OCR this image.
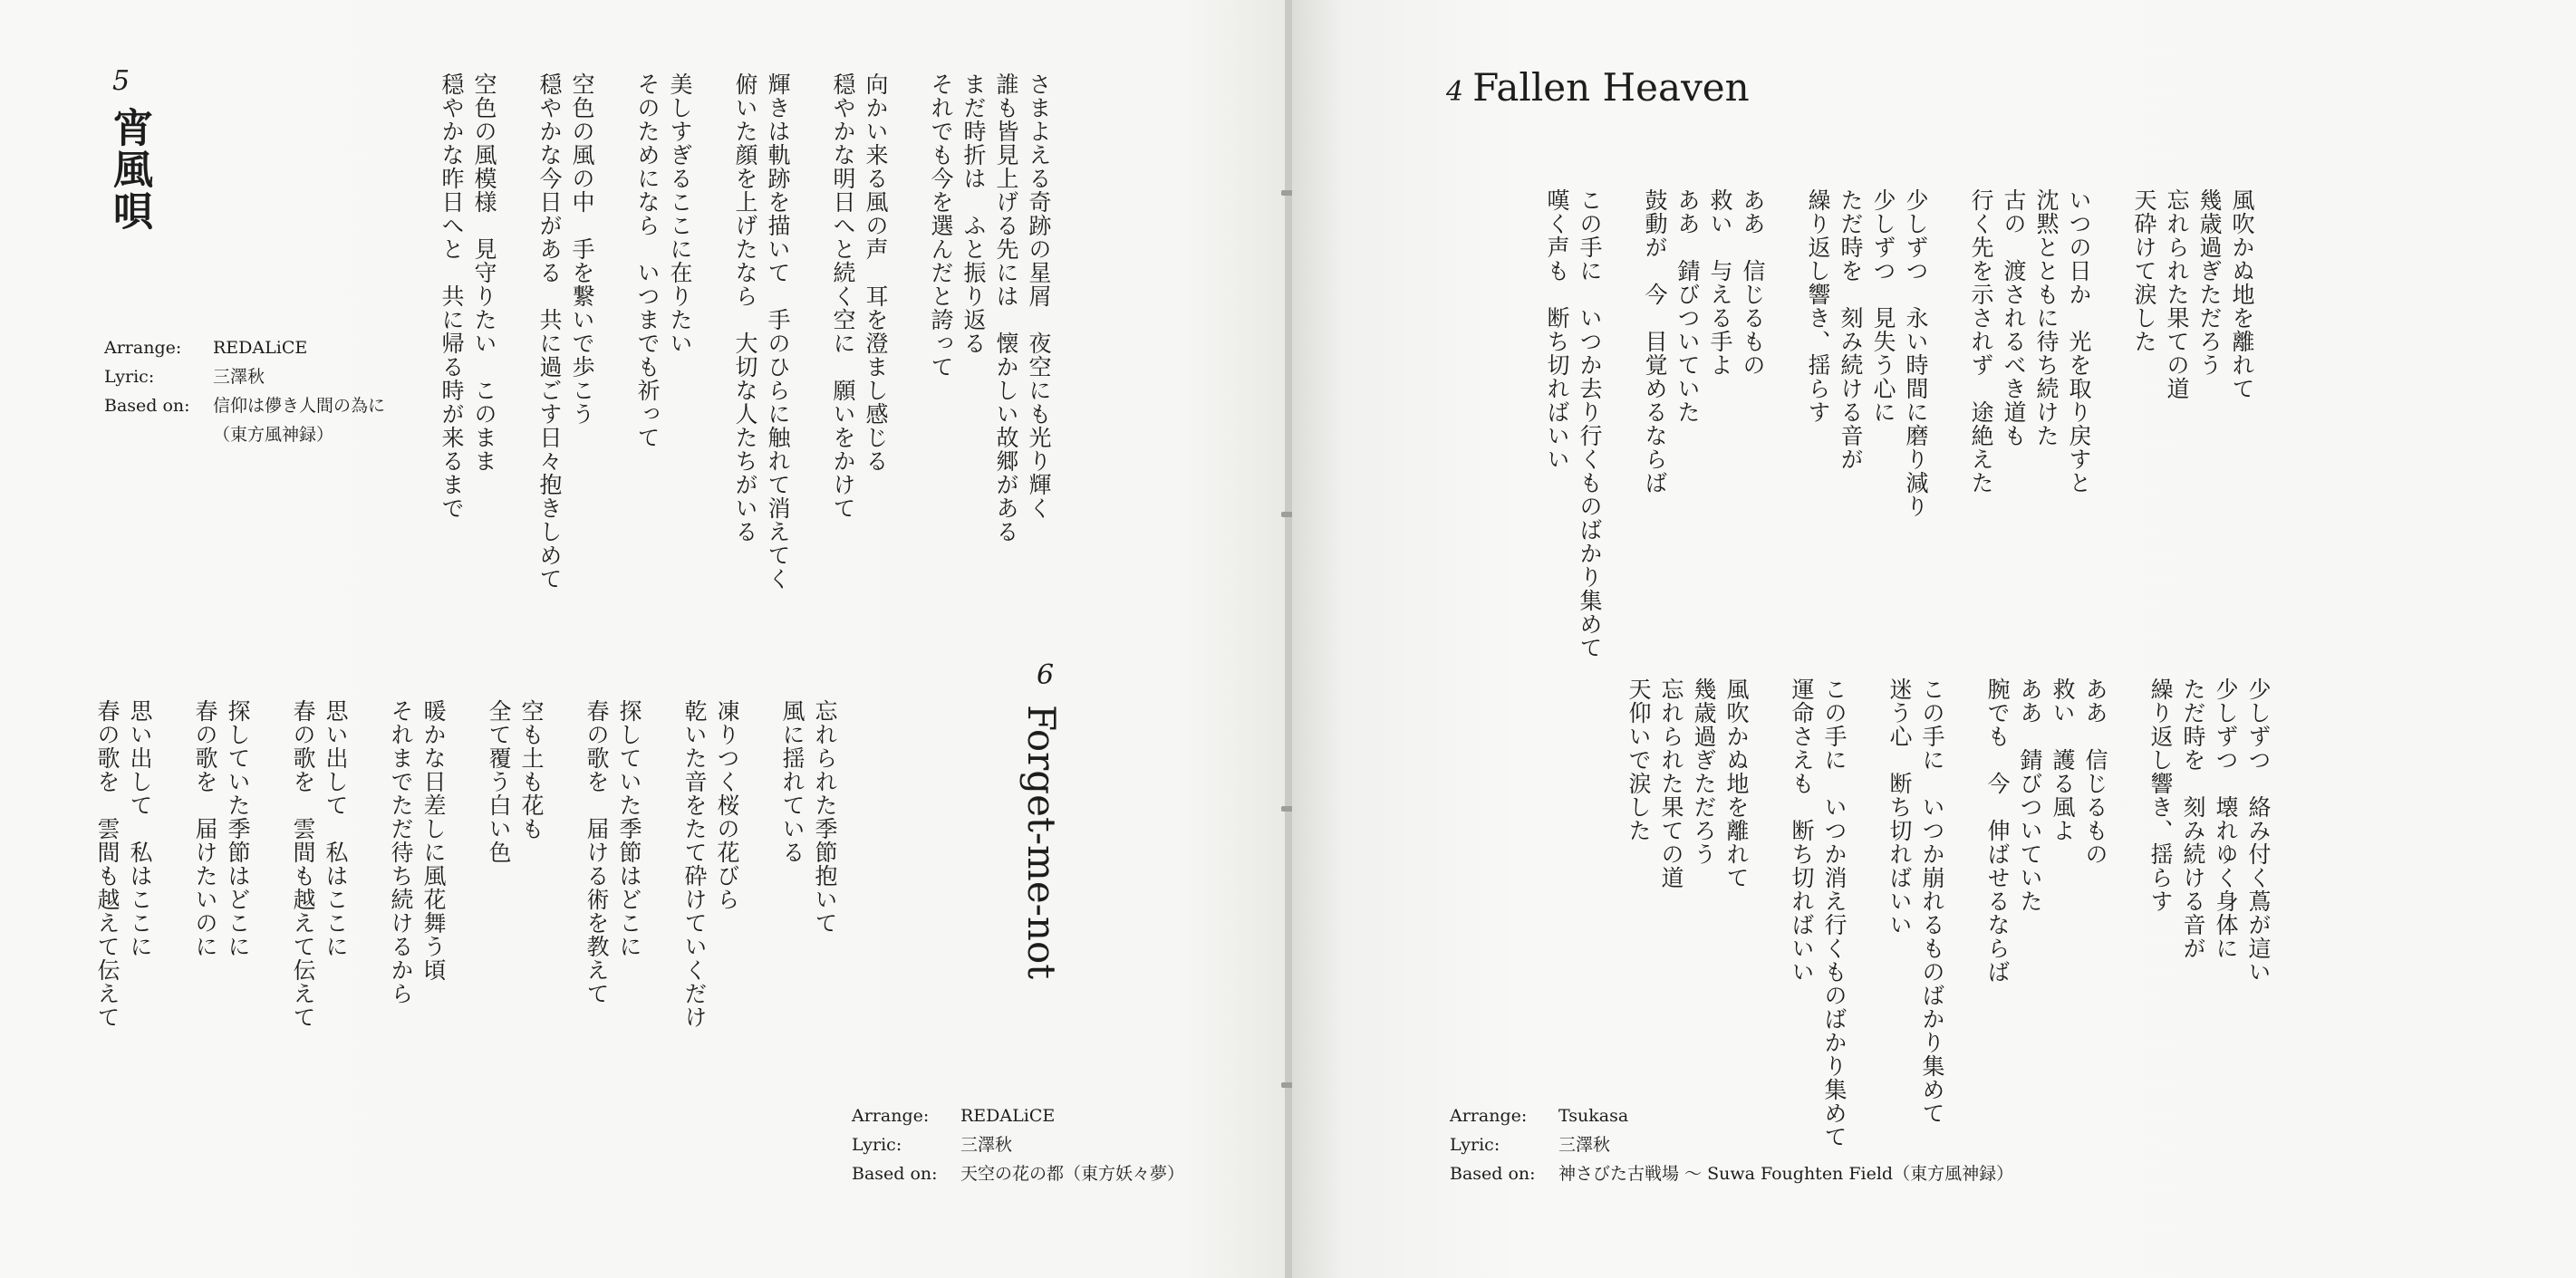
5
宵風唄	さまよえる奇跡の星屑　夜空にも光り輝く
誰も皆見上げる先には　懐かしい故郷がある
まだ時折は　ふと振り返る
それでも今を選んだと誇って

向かい来る風の声　耳を澄まし感じる
穏やかな明日へと続く空に　願いをかけて

輝きは軌跡を描いて　手のひらに触れて消えてく
俯いた顔を上げたなら　大切な人たちがいる

美しすぎるここに在りたい
そのためになら　いつまでも祈って

空色の風の中　手を繋いで歩こう
穏やかな今日がある　共に過ごす日々抱きしめて

空色の風模様　見守りたい　このまま
穏やかな昨日へと　共に帰る時が来るまで
Arrange:	REDALiCE
Lyric:	三澤秋
Based on:	信仰は儚き人間の為に
（東方風神録）
6
Forget-me-not
忘れられた季節抱いて
風に揺れている

凍りつく桜の花びら
乾いた音をたて砕けていくだけ

探していた季節はどこに
春の歌を　届ける術を教えて

空も土も花も
全て覆う白い色

暖かな日差しに風花舞う頃
それまでただ待ち続けるから

思い出して　私はここに
春の歌を　雲間も越えて伝えて

探していた季節はどこに
春の歌を　届けたいのに

思い出して　私はここに
春の歌を　雲間も越えて伝えて
Arrange:	REDALiCE
Lyric:	三澤秋
Based on:	天空の花の都（東方妖々夢）
4 Fallen Heaven
風吹かぬ地を離れて
幾歳過ぎただろう
忘れられた果ての道
天砕けて涙した

いつの日か　光を取り戻すと
沈黙とともに待ち続けた
古の　渡されるべき道も
行く先を示されず　途絶えた

少しずつ　永い時間に磨り減り
少しずつ　見失う心に
ただ時を　刻み続ける音が
繰り返し響き、揺らす

ああ　信じるもの
救い　与える手よ
ああ　錆びついていた
鼓動が　今　目覚めるならば

この手に　いつか去り行くものばかり集めて
嘆く声も　断ち切ればいい
少しずつ　絡み付く蔦が這い
少しずつ　壊れゆく身体に
ただ時を　刻み続ける音が
繰り返し響き、揺らす

ああ　信じるもの
救い　護る風よ
ああ　錆びついていた
腕でも　今　伸ばせるならば

この手に　いつか崩れるものばかり集めて
迷う心　断ち切ればいい

この手に　いつか消え行くものばかり集めて
運命さえも　断ち切ればいい

風吹かぬ地を離れて
幾歳過ぎただろう
忘れられた果ての道
天仰いで涙した
Arrange:	Tsukasa
Lyric:	三澤秋
Based on:	神さびた古戦場 〜 Suwa Foughten Field（東方風神録）
